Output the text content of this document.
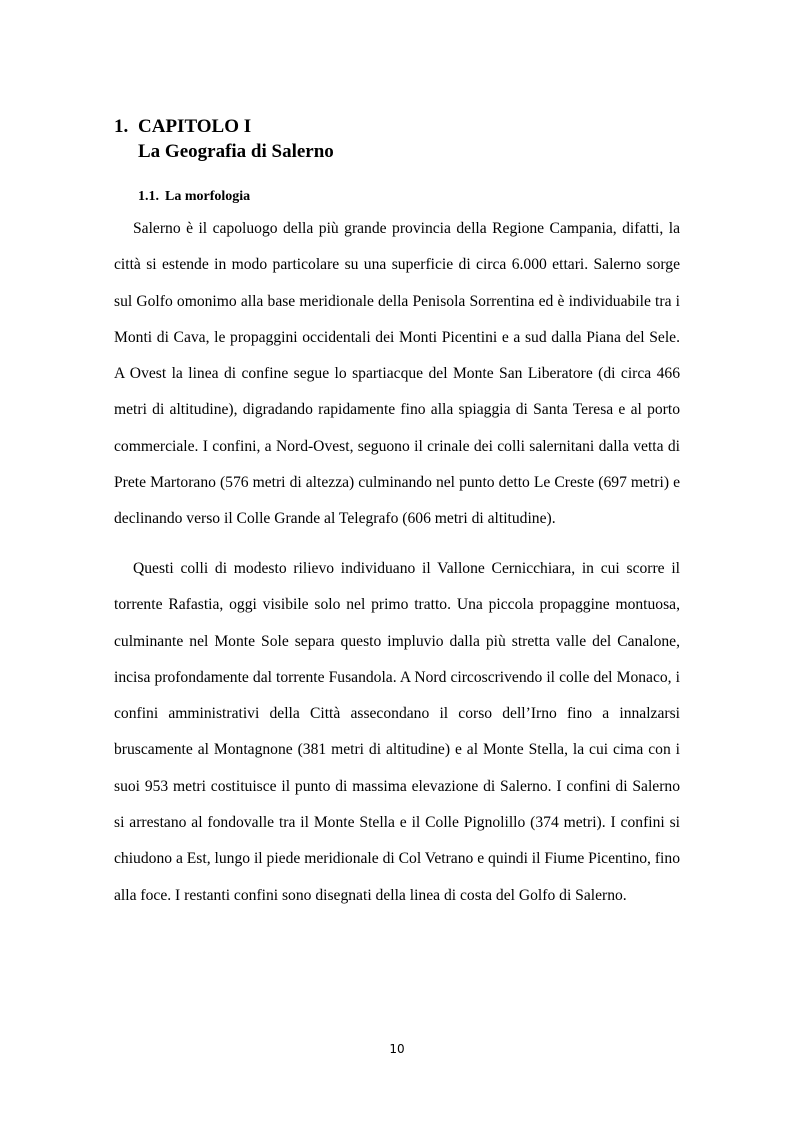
1. CAPITOLO I
La Geografia di Salerno
1.1. La morfologia

Salerno è il capoluogo della più grande provincia della Regione Campania, difatti, la città si estende in modo particolare su una superficie di circa 6.000 ettari. Salerno sorge sul Golfo omonimo alla base meridionale della Penisola Sorrentina ed è individuabile tra i Monti di Cava, le propaggini occidentali dei Monti Picentini e a sud dalla Piana del Sele. A Ovest la linea di confine segue lo spartiacque del Monte San Liberatore (di circa 466 metri di altitudine), digradando rapidamente fino alla spiaggia di Santa Teresa e al porto commerciale. I confini, a Nord-Ovest, seguono il crinale dei colli salernitani dalla vetta di Prete Martorano (576 metri di altezza) culminando nel punto detto Le Creste (697 metri) e declinando verso il Colle Grande al Telegrafo (606 metri di altitudine).

Questi colli di modesto rilievo individuano il Vallone Cernicchiara, in cui scorre il torrente Rafastia, oggi visibile solo nel primo tratto. Una piccola propaggine montuosa, culminante nel Monte Sole separa questo impluvio dalla più stretta valle del Canalone, incisa profondamente dal torrente Fusandola. A Nord circoscrivendo il colle del Monaco, i confini amministrativi della Città assecondano il corso dell’Irno fino a innalzarsi bruscamente al Montagnone (381 metri di altitudine) e al Monte Stella, la cui cima con i suoi 953 metri costituisce il punto di massima elevazione di Salerno. I confini di Salerno si arrestano al fondovalle tra il Monte Stella e il Colle Pignolillo (374 metri). I confini si chiudono a Est, lungo il piede meridionale di Col Vetrano e quindi il Fiume Picentino, fino alla foce. I restanti confini sono disegnati della linea di costa del Golfo di Salerno.

10
